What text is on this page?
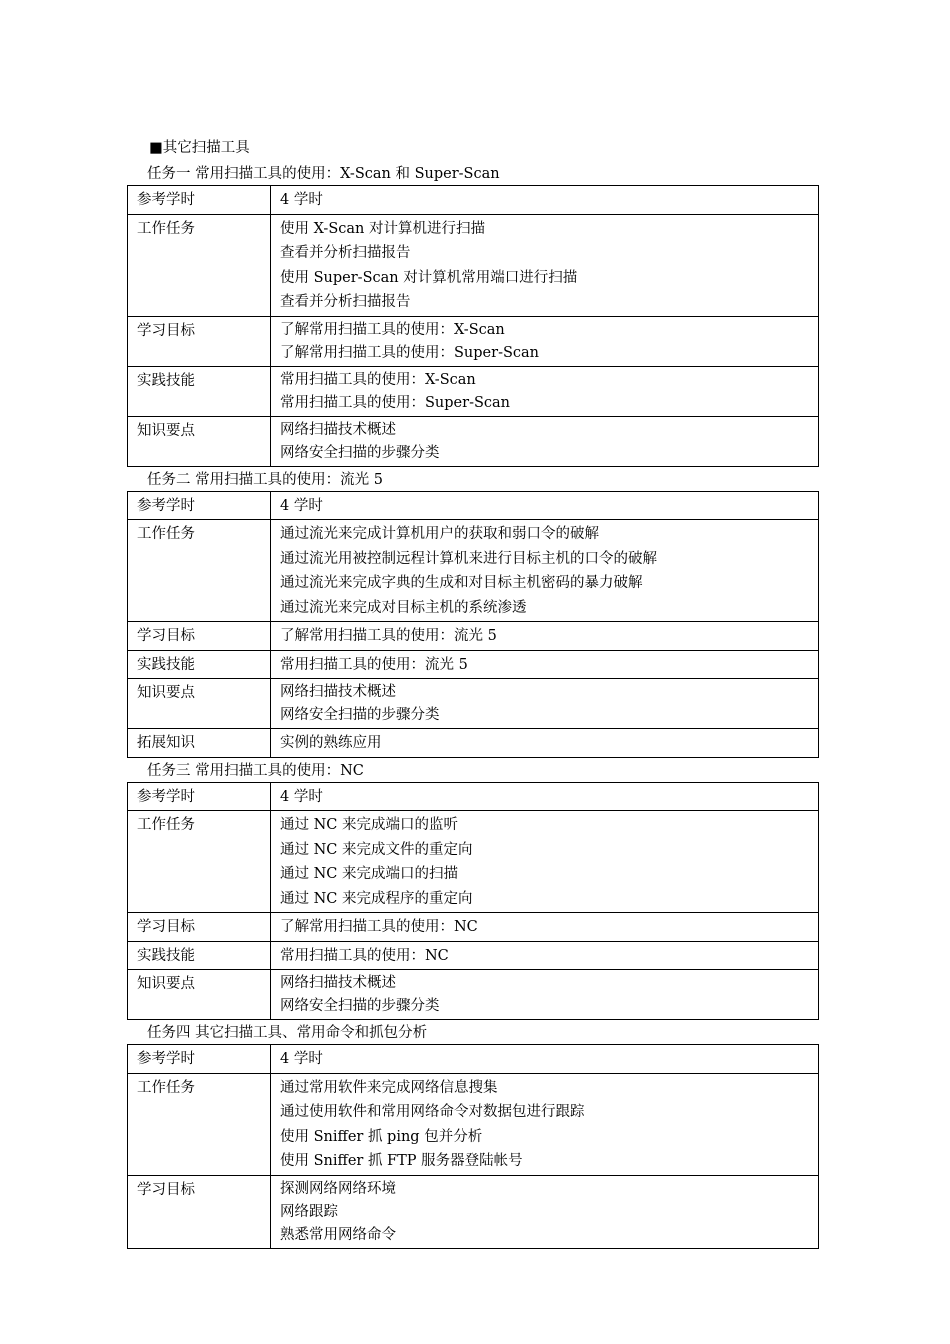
■其它扫描工具
任务一 常用扫描工具的使用：X-Scan 和 Super-Scan
参考学时	4 学时

工作任务	使用 X-Scan 对计算机进行扫描
查看并分析扫描报告
使用 Super-Scan 对计算机常用端口进行扫描
查看并分析扫描报告

学习目标	了解常用扫描工具的使用：X-Scan
了解常用扫描工具的使用：Super-Scan

实践技能	常用扫描工具的使用：X-Scan
常用扫描工具的使用：Super-Scan

知识要点	网络扫描技术概述
网络安全扫描的步骤分类
任务二 常用扫描工具的使用：流光 5
参考学时	4 学时

工作任务	通过流光来完成计算机用户的获取和弱口令的破解
通过流光用被控制远程计算机来进行目标主机的口令的破解
通过流光来完成字典的生成和对目标主机密码的暴力破解
通过流光来完成对目标主机的系统渗透

学习目标	了解常用扫描工具的使用：流光 5

实践技能	常用扫描工具的使用：流光 5

知识要点	网络扫描技术概述
网络安全扫描的步骤分类

拓展知识	实例的熟练应用
任务三 常用扫描工具的使用：NC
参考学时	4 学时

工作任务	通过 NC 来完成端口的监听
通过 NC 来完成文件的重定向
通过 NC 来完成端口的扫描
通过 NC 来完成程序的重定向

学习目标	了解常用扫描工具的使用：NC

实践技能	常用扫描工具的使用：NC

知识要点	网络扫描技术概述
网络安全扫描的步骤分类
任务四 其它扫描工具、常用命令和抓包分析
参考学时	4 学时

工作任务	通过常用软件来完成网络信息搜集
通过使用软件和常用网络命令对数据包进行跟踪
使用 Sniffer 抓 ping 包并分析
使用 Sniffer 抓 FTP 服务器登陆帐号

学习目标	探测网络网络环境
网络跟踪
熟悉常用网络命令
